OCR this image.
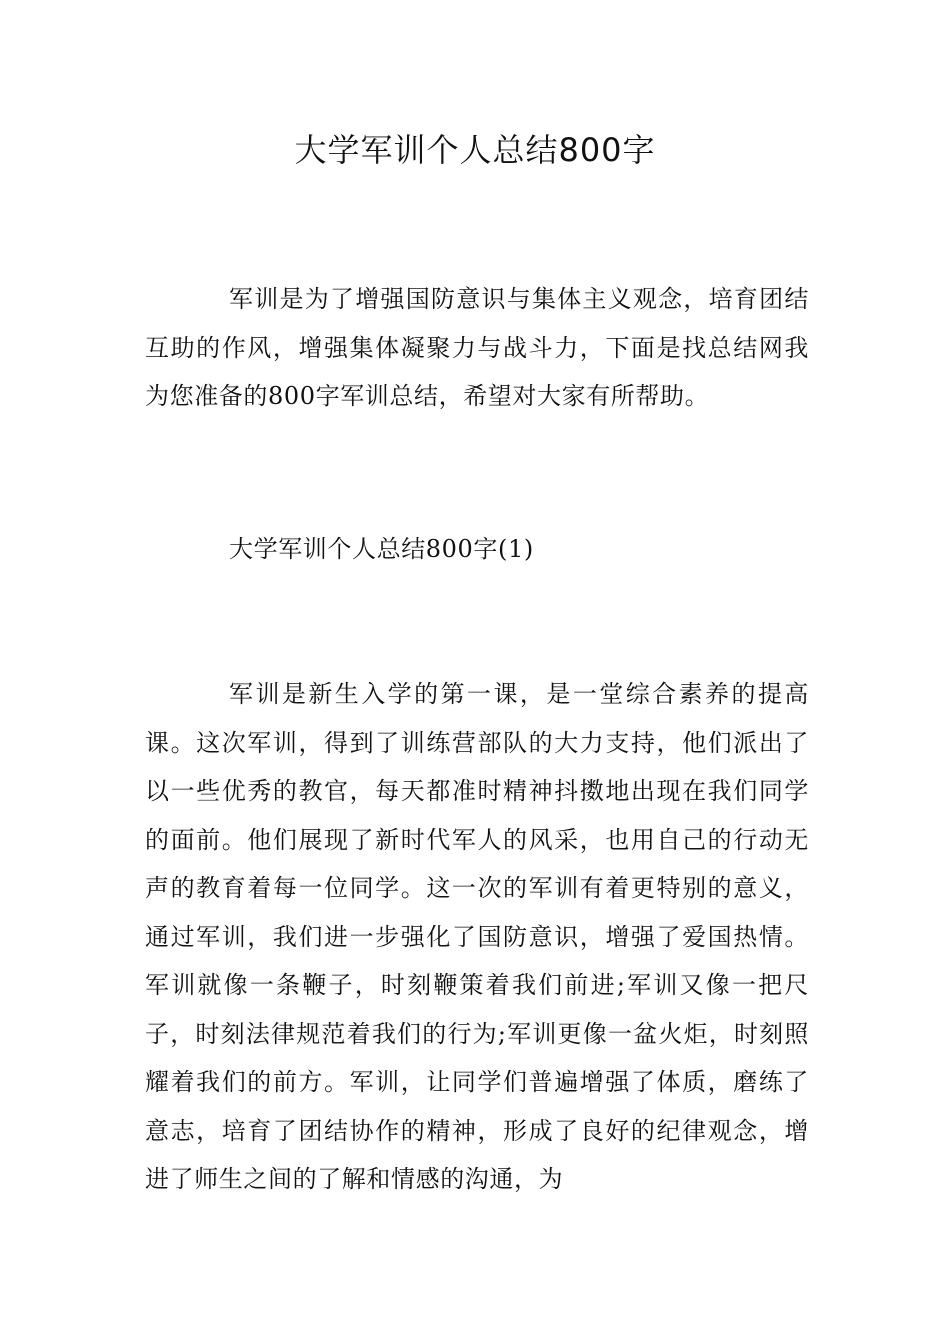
大学军训个人总结800字

军训是为了增强国防意识与集体主义观念，培育团结互助的作风，增强集体凝聚力与战斗力，下面是找总结网我为您准备的800字军训总结，希望对大家有所帮助。

大学军训个人总结800字(1)

军训是新生入学的第一课，是一堂综合素养的提高课。这次军训，得到了训练营部队的大力支持，他们派出了以一些优秀的教官，每天都准时精神抖擞地出现在我们同学的面前。他们展现了新时代军人的风采，也用自己的行动无声的教育着每一位同学。这一次的军训有着更特别的意义，通过军训，我们进一步强化了国防意识，增强了爱国热情。军训就像一条鞭子，时刻鞭策着我们前进;军训又像一把尺子，时刻法律规范着我们的行为;军训更像一盆火炬，时刻照耀着我们的前方。军训，让同学们普遍增强了体质，磨练了意志，培育了团结协作的精神，形成了良好的纪律观念，增进了师生之间的了解和情感的沟通，为
